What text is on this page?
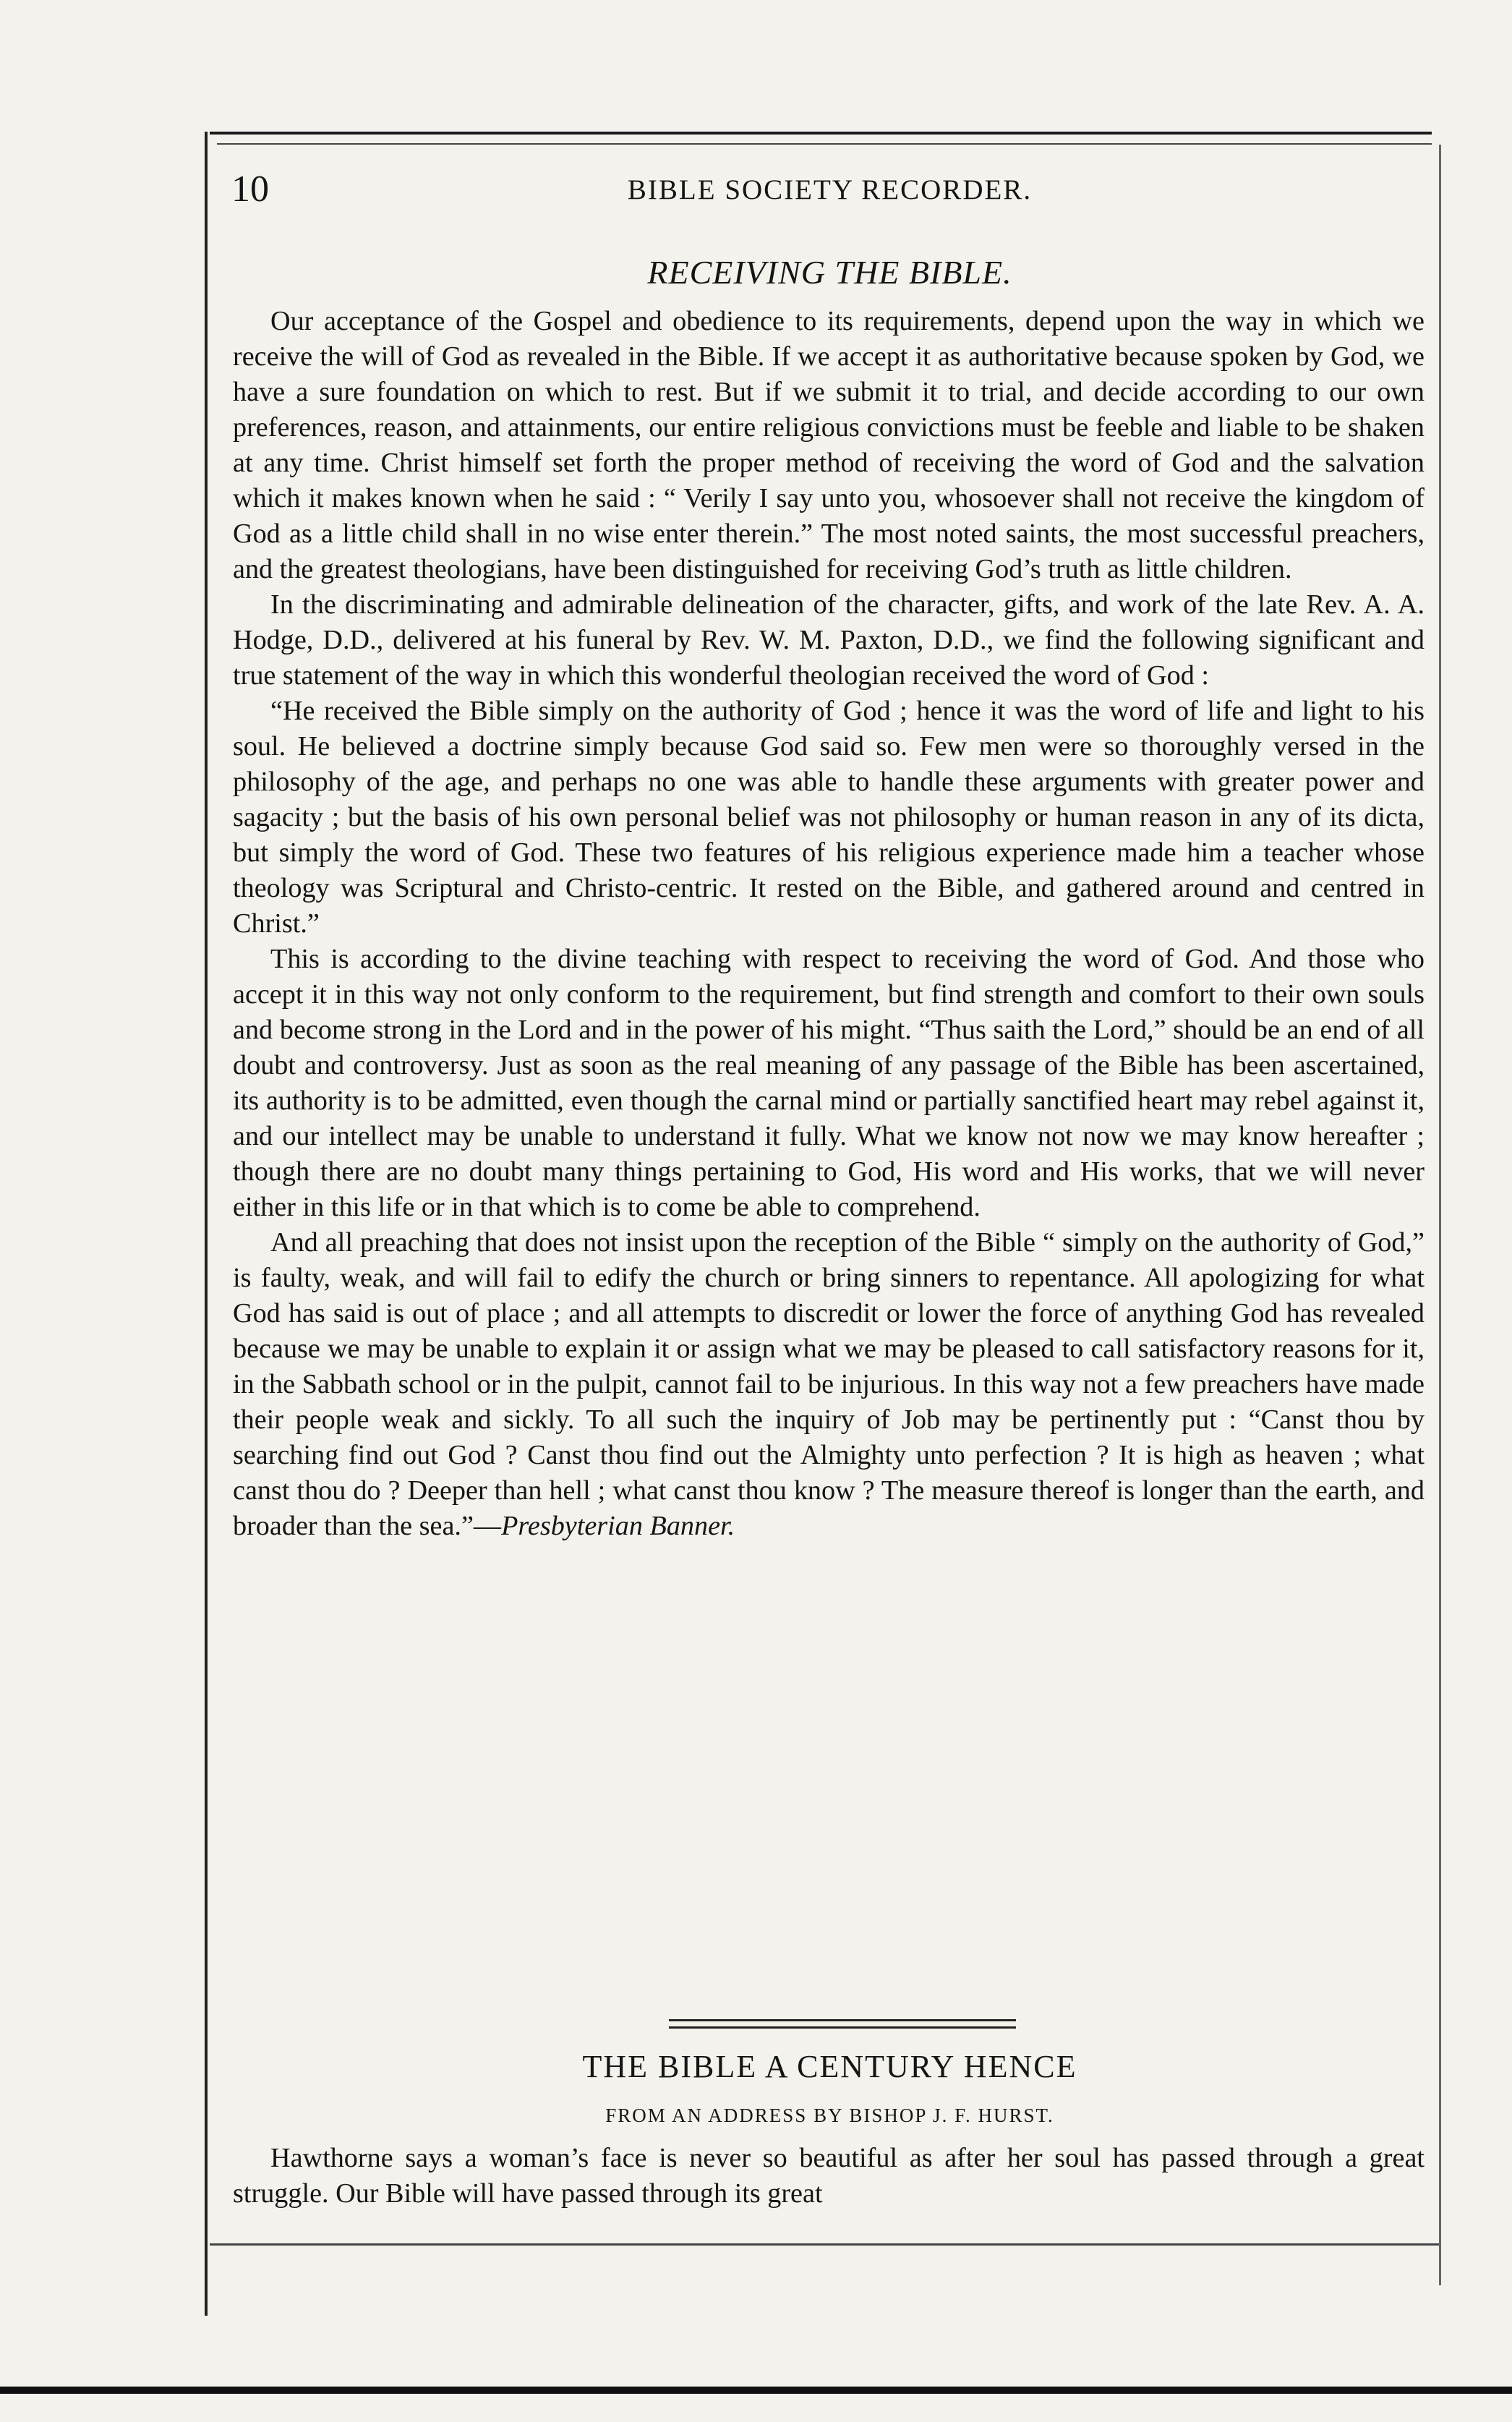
10	BIBLE SOCIETY RECORDER.
RECEIVING THE BIBLE.

Our acceptance of the Gospel and obedience to its requirements, depend upon the way in which we receive the will of God as revealed in the Bible. If we accept it as authoritative because spoken by God, we have a sure foundation on which to rest. But if we submit it to trial, and decide according to our own preferences, reason, and attainments, our entire religious convictions must be feeble and liable to be shaken at any time. Christ himself set forth the proper method of receiving the word of God and the salvation which it makes known when he said : “ Verily I say unto you, whosoever shall not receive the kingdom of God as a little child shall in no wise enter therein.” The most noted saints, the most successful preachers, and the greatest theologians, have been distinguished for receiving God’s truth as little children.

In the discriminating and admirable delineation of the character, gifts, and work of the late Rev. A. A. Hodge, D.D., delivered at his funeral by Rev. W. M. Paxton, D.D., we find the following significant and true statement of the way in which this wonderful theologian received the word of God :

“He received the Bible simply on the authority of God ; hence it was the word of life and light to his soul. He believed a doctrine simply because God said so. Few men were so thoroughly versed in the philosophy of the age, and perhaps no one was able to handle these arguments with greater power and sagacity ; but the basis of his own personal belief was not philosophy or human reason in any of its dicta, but simply the word of God. These two features of his religious experience made him a teacher whose theology was Scriptural and Christo-centric. It rested on the Bible, and gathered around and centred in Christ.”

This is according to the divine teaching with respect to receiving the word of God. And those who accept it in this way not only conform to the requirement, but find strength and comfort to their own souls and become strong in the Lord and in the power of his might. “Thus saith the Lord,” should be an end of all doubt and controversy. Just as soon as the real meaning of any passage of the Bible has been ascertained, its authority is to be admitted, even though the carnal mind or partially sanctified heart may rebel against it, and our intellect may be unable to understand it fully. What we know not now we may know hereafter ; though there are no doubt many things pertaining to God, His word and His works, that we will never either in this life or in that which is to come be able to comprehend.

And all preaching that does not insist upon the reception of the Bible “ simply on the authority of God,” is faulty, weak, and will fail to edify the church or bring sinners to repentance. All apologizing for what God has said is out of place ; and all attempts to discredit or lower the force of anything God has revealed because we may be unable to explain it or assign what we may be pleased to call satisfactory reasons for it, in the Sabbath school or in the pulpit, cannot fail to be injurious. In this way not a few preachers have made their people weak and sickly. To all such the inquiry of Job may be pertinently put : “Canst thou by searching find out God ? Canst thou find out the Almighty unto perfection ? It is high as heaven ; what canst thou do ? Deeper than hell ; what canst thou know ? The measure thereof is longer than the earth, and broader than the sea.”—Presbyterian Banner.

THE BIBLE A CENTURY HENCE
FROM AN ADDRESS BY BISHOP J. F. HURST.

Hawthorne says a woman’s face is never so beautiful as after her soul has passed through a great struggle. Our Bible will have passed through its great
